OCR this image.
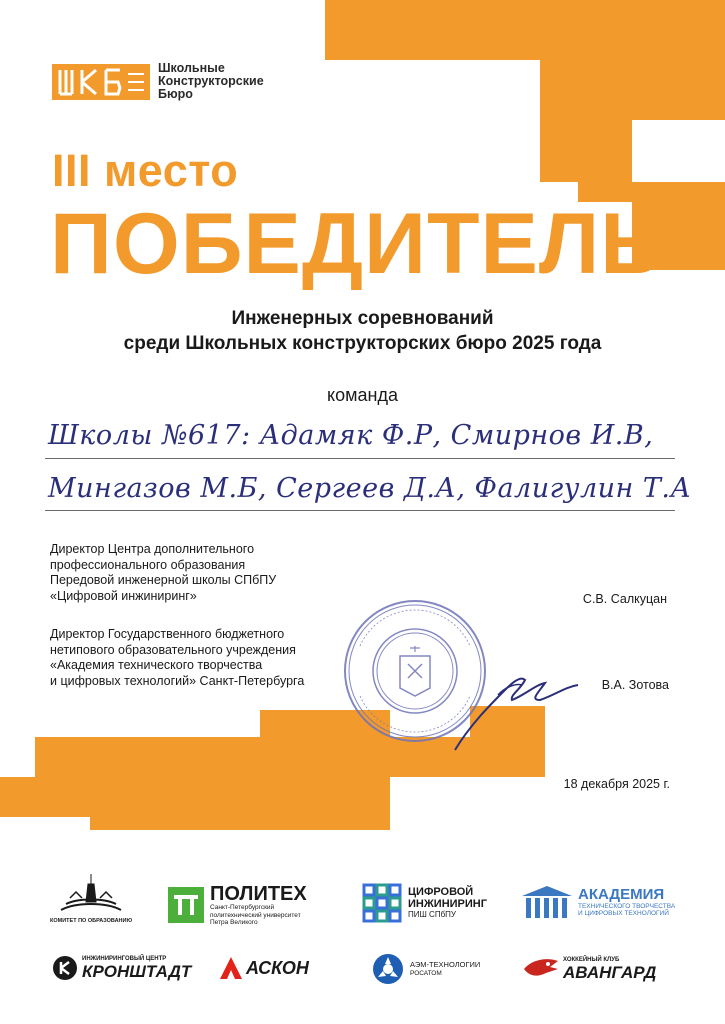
Школьные
Конструкторские
Бюро
III место
ПОБЕДИТЕЛЬ
Инженерных соревнований
среди Школьных конструкторских бюро 2025 года
команда
Школы №617: Адамяк Ф.Р, Смирнов И.В,
Мингазов М.Б, Сергеев Д.А, Фалигулин Т.А
Директор Центра дополнительного
профессионального образования
Передовой инженерной школы СПбПУ
«Цифровой инжиниринг»	С.В. Салкуцан
Директор Государственного бюджетного
нетипового образовательного учреждения
«Академия технического творчества
и цифровых технологий» Санкт-Петербурга	В.А. Зотова
18 декабря 2025 г.
КОМИТЕТ ПО ОБРАЗОВАНИЮ
ПОЛИТЕХ
Санкт-Петербургский
политехнический университет
Петра Великого
ЦИФРОВОЙ
ИНЖИНИРИНГ
ПИШ СПбПУ
АКАДЕМИЯ
ТЕХНИЧЕСКОГО ТВОРЧЕСТВА
И ЦИФРОВЫХ ТЕХНОЛОГИЙ
ИНЖИНИРИНГОВЫЙ ЦЕНТР
КРОНШТАДТ	АСКОН	АЭМ-ТЕХНОЛОГИИ
РОСАТОМ
ХОККЕЙНЫЙ КЛУБ
АВАНГАРД
